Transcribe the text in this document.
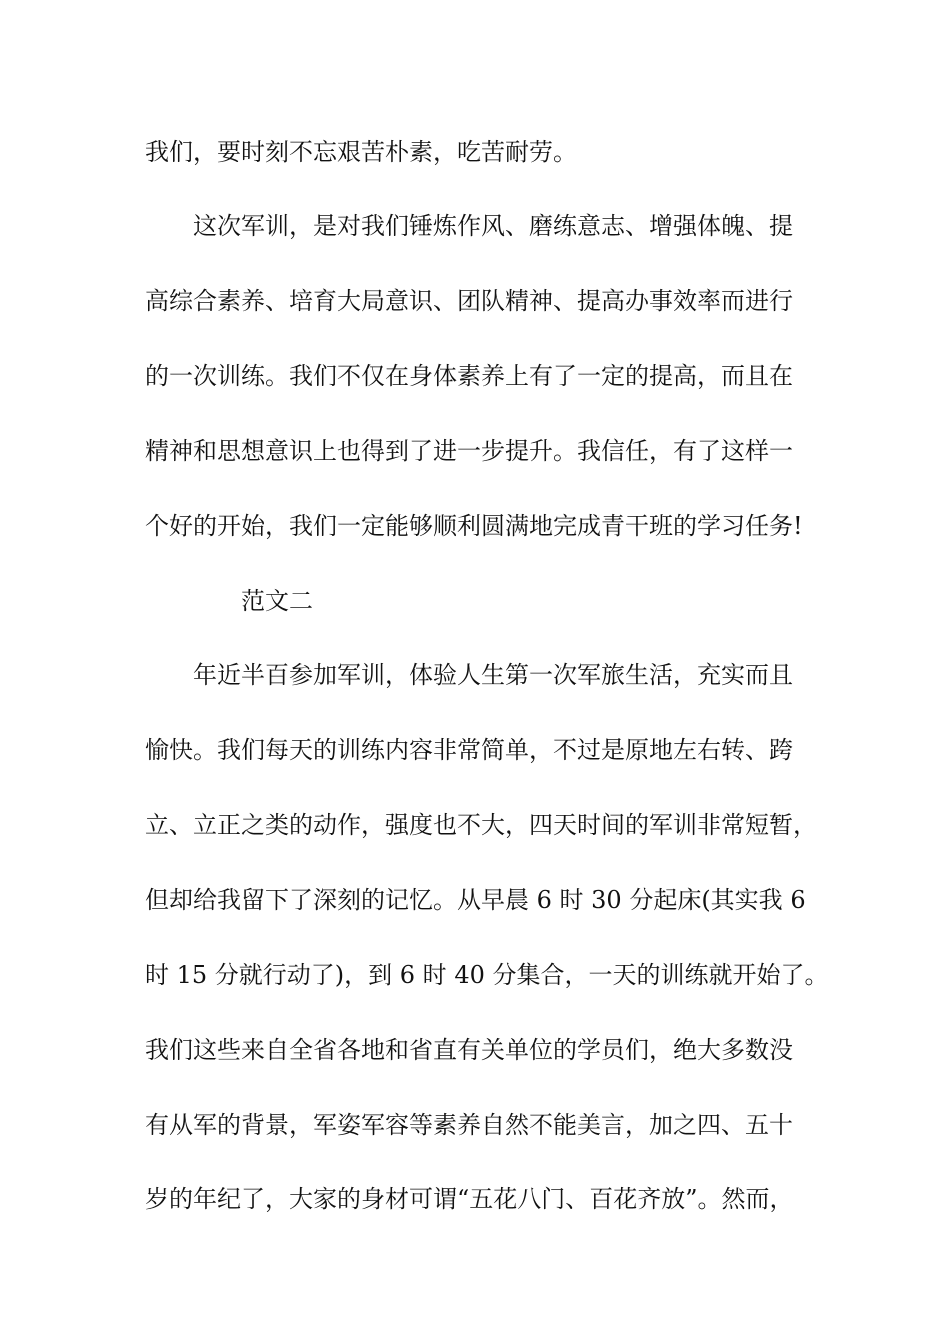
我们，要时刻不忘艰苦朴素，吃苦耐劳。
这次军训，是对我们锤炼作风、磨练意志、增强体魄、提
高综合素养、培育大局意识、团队精神、提高办事效率而进行
的一次训练。我们不仅在身体素养上有了一定的提高，而且在
精神和思想意识上也得到了进一步提升。我信任，有了这样一
个好的开始，我们一定能够顺利圆满地完成青干班的学习任务!
范文二
年近半百参加军训，体验人生第一次军旅生活，充实而且
愉快。我们每天的训练内容非常简单，不过是原地左右转、跨
立、立正之类的动作，强度也不大，四天时间的军训非常短暂，
但却给我留下了深刻的记忆。从早晨 6 时 30 分起床(其实我 6
时 15 分就行动了)，到 6 时 40 分集合，一天的训练就开始了。
我们这些来自全省各地和省直有关单位的学员们，绝大多数没
有从军的背景，军姿军容等素养自然不能美言，加之四、五十
岁的年纪了，大家的身材可谓“五花八门、百花齐放”。然而，
